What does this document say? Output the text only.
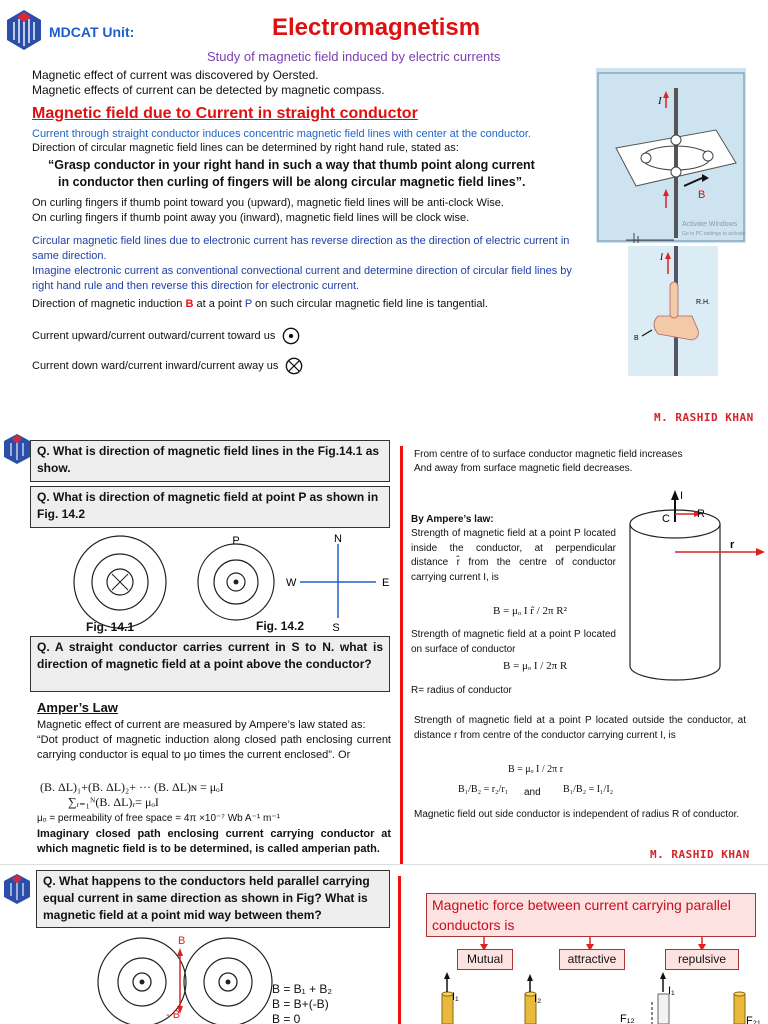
MDCAT Unit:	Electromagnetism
Study of magnetic field induced by electric currents
Magnetic effect of current was discovered by Oersted.
Magnetic effects of current can be detected by magnetic compass.
Magnetic field due to Current in straight conductor
Current through straight conductor induces concentric magnetic field lines with center at the conductor.
Direction of circular magnetic field lines can be determined by right hand rule, stated as:
“Grasp conductor in your right hand in such a way that thumb point along current
in conductor then curling of fingers will be along circular magnetic field lines”.
On curling fingers if thumb point toward you (upward), magnetic field lines will be anti-clock Wise.
On curling fingers if thumb point away you (inward), magnetic field lines will be clock wise.
Circular magnetic field lines due to electronic current has reverse direction as the direction of electric current in same direction.
Imagine electronic current as conventional convectional current and determine direction of circular field lines by right hand rule and then reverse this direction for electronic current.
Direction of magnetic induction B at a point P on such circular magnetic field line is tangential.
Current upward/current outward/current toward us
Current down ward/current inward/current away us
I
B
Activate Windows
Go to PC settings to activate
I
R.H.
B
M. RASHID KHAN
Q. What is direction of magnetic field lines in the Fig.14.1 as show.
Q. What is direction of magnetic field at point P as shown in Fig. 14.2
P	N
S
E
W
Fig. 14.1	Fig. 14.2
Q. A straight conductor carries current in S to N. what is direction of magnetic field at a point above the conductor?
Amper’s Law
Magnetic effect of current are measured by Ampere’s law stated as:
“Dot product of magnetic induction along closed path enclosing current carrying conductor is equal to μo times the current enclosed”. Or
(B. ΔL)₁+(B. ΔL)₂+ ··· (B. ΔL)ɴ = μₒI
∑ᵣ₌₁ᴺ(B. ΔL)ᵣ= μₒI
μₒ = permeability of free space = 4π ×10⁻⁷ Wb A⁻¹ m⁻¹
Imaginary closed path enclosing current carrying conductor at which magnetic field is to be determined, is called amperian path.
From centre of to surface conductor magnetic field increases
And away from surface magnetic field decreases.
By Ampere’s law:
Strength of magnetic field at a point P located inside the conductor, at perpendicular distance r̂ from the centre of conductor carrying current I, is
B = μₒ I r̂ / 2π R²
Strength of magnetic field at a point P located on surface of conductor
B = μₒ I / 2π R
R= radius of conductor
I
C R
r
Strength of magnetic field at a point P located outside the conductor, at distance r from centre of the conductor carrying current I, is
B = μₒ I / 2π r
B₁/B₂ = r₂/r₁ and B₁/B₂ = I₁/I₂
Magnetic field out side conductor is independent of radius R of conductor.
M. RASHID KHAN
Q. What happens to the conductors held parallel carrying equal current in same direction as shown in Fig? What is magnetic field at a point mid way between them?
B
- B
B = B₁ + B₂
B = B+(-B)
B = 0
Magnetic force between current carrying parallel conductors is
Mutual	attractive	repulsive
I₁	I₂
I₁
F₁₂	F₂₁
